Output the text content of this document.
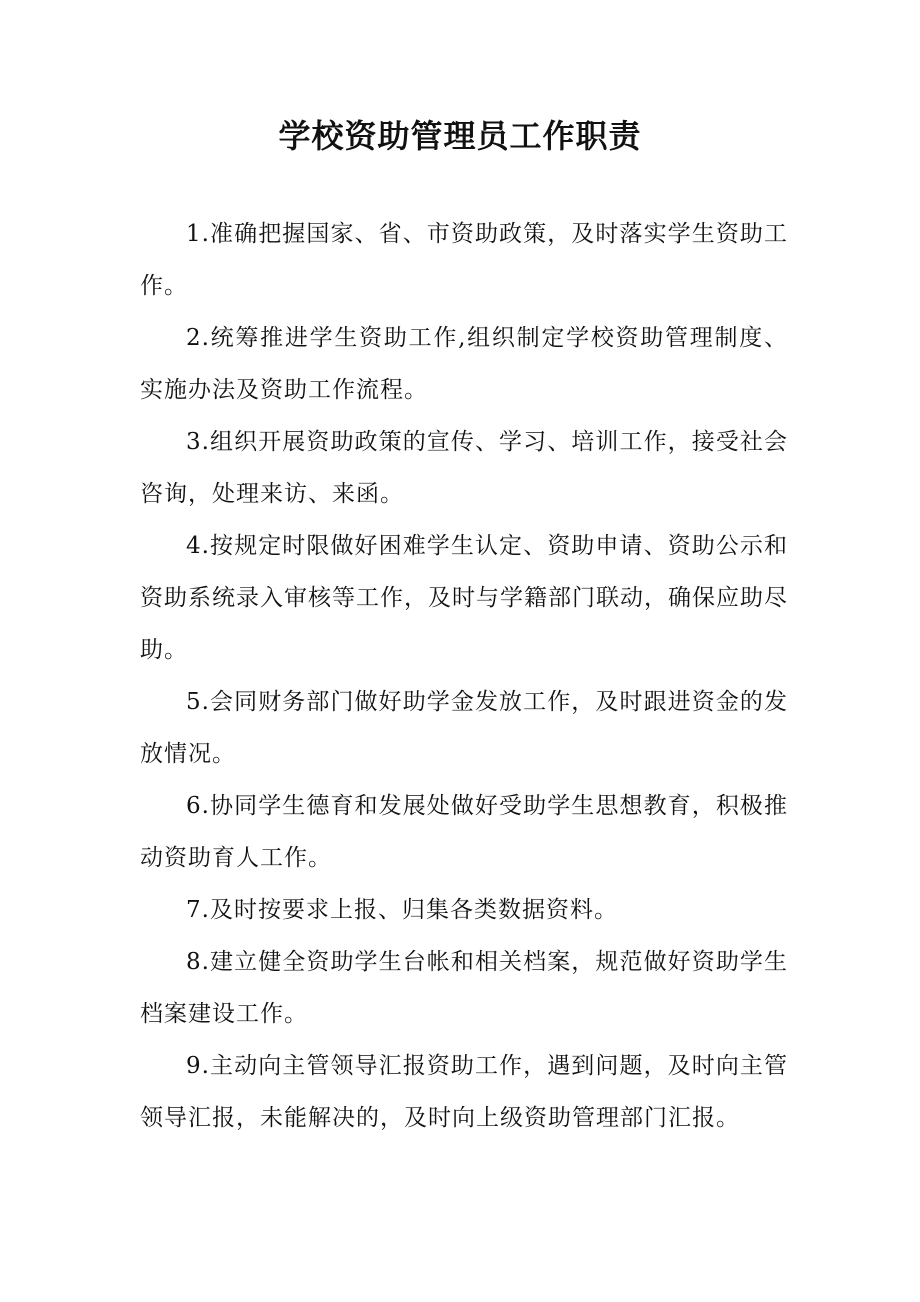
学校资助管理员工作职责

1.准确把握国家、省、市资助政策，及时落实学生资助工作。

2.统筹推进学生资助工作,组织制定学校资助管理制度、实施办法及资助工作流程。

3.组织开展资助政策的宣传、学习、培训工作，接受社会咨询，处理来访、来函。

4.按规定时限做好困难学生认定、资助申请、资助公示和资助系统录入审核等工作，及时与学籍部门联动，确保应助尽助。

5.会同财务部门做好助学金发放工作，及时跟进资金的发放情况。

6.协同学生德育和发展处做好受助学生思想教育，积极推动资助育人工作。

7.及时按要求上报、归集各类数据资料。

8.建立健全资助学生台帐和相关档案，规范做好资助学生档案建设工作。

9.主动向主管领导汇报资助工作，遇到问题，及时向主管领导汇报，未能解决的，及时向上级资助管理部门汇报。
